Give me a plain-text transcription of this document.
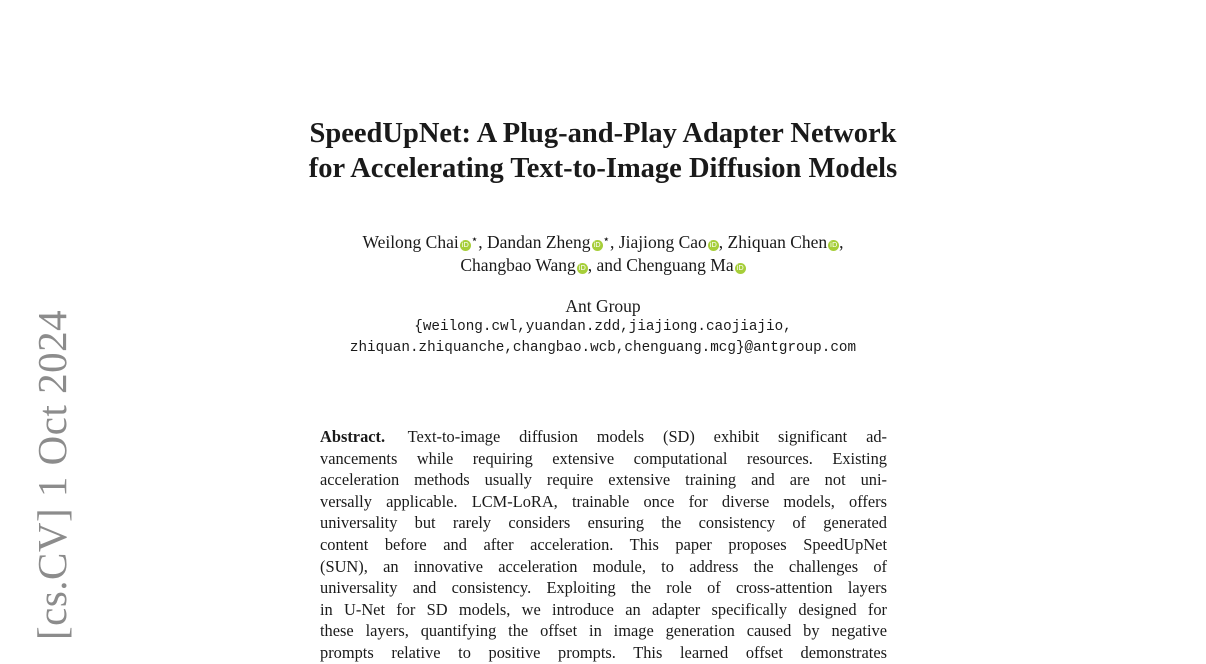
[cs.CV] 1 Oct 2024
SpeedUpNet: A Plug-and-Play Adapter Network
for Accelerating Text-to-Image Diffusion Models
Weilong Chai iD ⋆, Dandan Zheng iD ⋆, Jiajiong Cao iD , Zhiquan Chen iD ,
Changbao Wang iD , and Chenguang Ma iD
Ant Group
{weilong.cwl,yuandan.zdd,jiajiong.caojiajio,
zhiquan.zhiquanche,changbao.wcb,chenguang.mcg}@antgroup.com
Abstract. Text-to-image diffusion models (SD) exhibit significant ad-
vancements while requiring extensive computational resources. Existing
acceleration methods usually require extensive training and are not uni-
versally applicable. LCM-LoRA, trainable once for diverse models, offers
universality but rarely considers ensuring the consistency of generated
content before and after acceleration. This paper proposes SpeedUpNet
(SUN), an innovative acceleration module, to address the challenges of
universality and consistency. Exploiting the role of cross-attention layers
in U-Net for SD models, we introduce an adapter specifically designed for
these layers, quantifying the offset in image generation caused by negative
prompts relative to positive prompts. This learned offset demonstrates
